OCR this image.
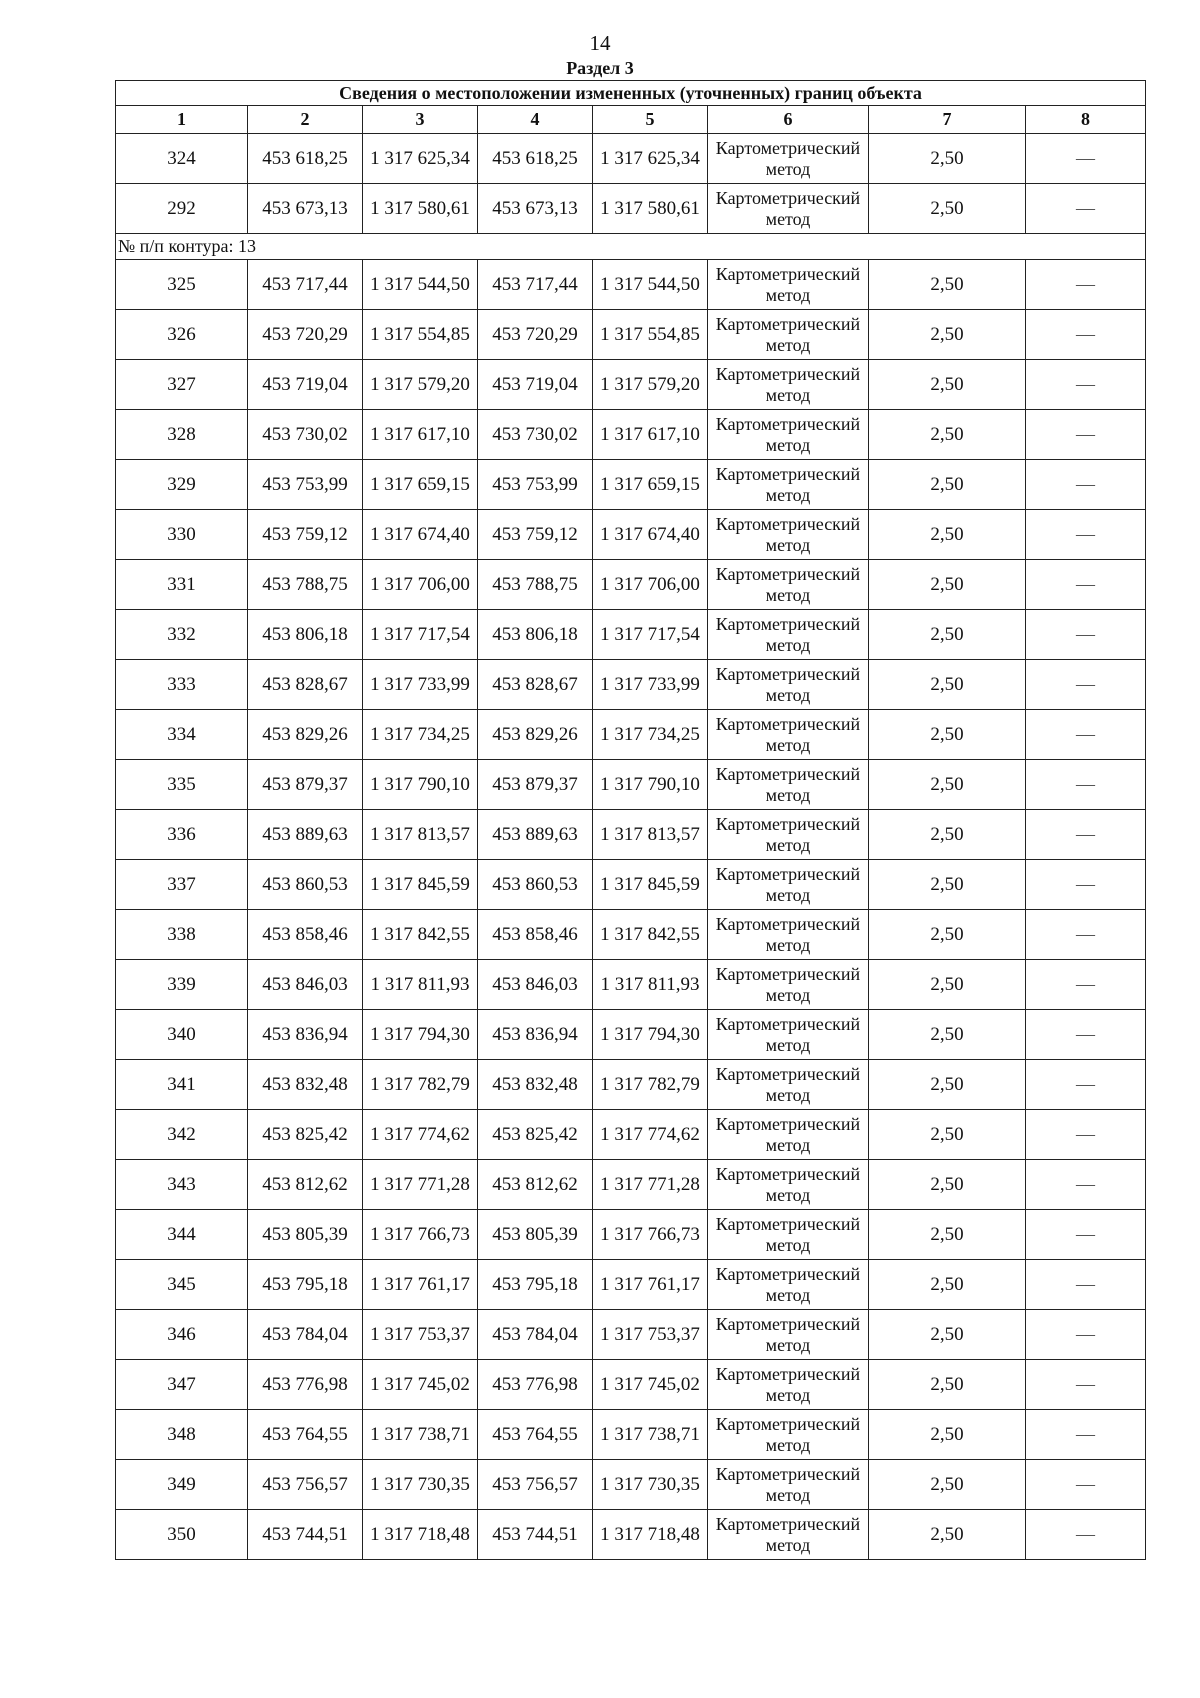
14
Раздел 3
Сведения о местоположении измененных (уточненных) границ объекта							
1	2	3	4	5	6	7	8
324	453 618,25	1 317 625,34	453 618,25	1 317 625,34	Картометрический метод	2,50	—
292	453 673,13	1 317 580,61	453 673,13	1 317 580,61	Картометрический метод	2,50	—
№ п/п контура: 13							
325	453 717,44	1 317 544,50	453 717,44	1 317 544,50	Картометрический метод	2,50	—
326	453 720,29	1 317 554,85	453 720,29	1 317 554,85	Картометрический метод	2,50	—
327	453 719,04	1 317 579,20	453 719,04	1 317 579,20	Картометрический метод	2,50	—
328	453 730,02	1 317 617,10	453 730,02	1 317 617,10	Картометрический метод	2,50	—
329	453 753,99	1 317 659,15	453 753,99	1 317 659,15	Картометрический метод	2,50	—
330	453 759,12	1 317 674,40	453 759,12	1 317 674,40	Картометрический метод	2,50	—
331	453 788,75	1 317 706,00	453 788,75	1 317 706,00	Картометрический метод	2,50	—
332	453 806,18	1 317 717,54	453 806,18	1 317 717,54	Картометрический метод	2,50	—
333	453 828,67	1 317 733,99	453 828,67	1 317 733,99	Картометрический метод	2,50	—
334	453 829,26	1 317 734,25	453 829,26	1 317 734,25	Картометрический метод	2,50	—
335	453 879,37	1 317 790,10	453 879,37	1 317 790,10	Картометрический метод	2,50	—
336	453 889,63	1 317 813,57	453 889,63	1 317 813,57	Картометрический метод	2,50	—
337	453 860,53	1 317 845,59	453 860,53	1 317 845,59	Картометрический метод	2,50	—
338	453 858,46	1 317 842,55	453 858,46	1 317 842,55	Картометрический метод	2,50	—
339	453 846,03	1 317 811,93	453 846,03	1 317 811,93	Картометрический метод	2,50	—
340	453 836,94	1 317 794,30	453 836,94	1 317 794,30	Картометрический метод	2,50	—
341	453 832,48	1 317 782,79	453 832,48	1 317 782,79	Картометрический метод	2,50	—
342	453 825,42	1 317 774,62	453 825,42	1 317 774,62	Картометрический метод	2,50	—
343	453 812,62	1 317 771,28	453 812,62	1 317 771,28	Картометрический метод	2,50	—
344	453 805,39	1 317 766,73	453 805,39	1 317 766,73	Картометрический метод	2,50	—
345	453 795,18	1 317 761,17	453 795,18	1 317 761,17	Картометрический метод	2,50	—
346	453 784,04	1 317 753,37	453 784,04	1 317 753,37	Картометрический метод	2,50	—
347	453 776,98	1 317 745,02	453 776,98	1 317 745,02	Картометрический метод	2,50	—
348	453 764,55	1 317 738,71	453 764,55	1 317 738,71	Картометрический метод	2,50	—
349	453 756,57	1 317 730,35	453 756,57	1 317 730,35	Картометрический метод	2,50	—
350	453 744,51	1 317 718,48	453 744,51	1 317 718,48	Картометрический метод	2,50	—
